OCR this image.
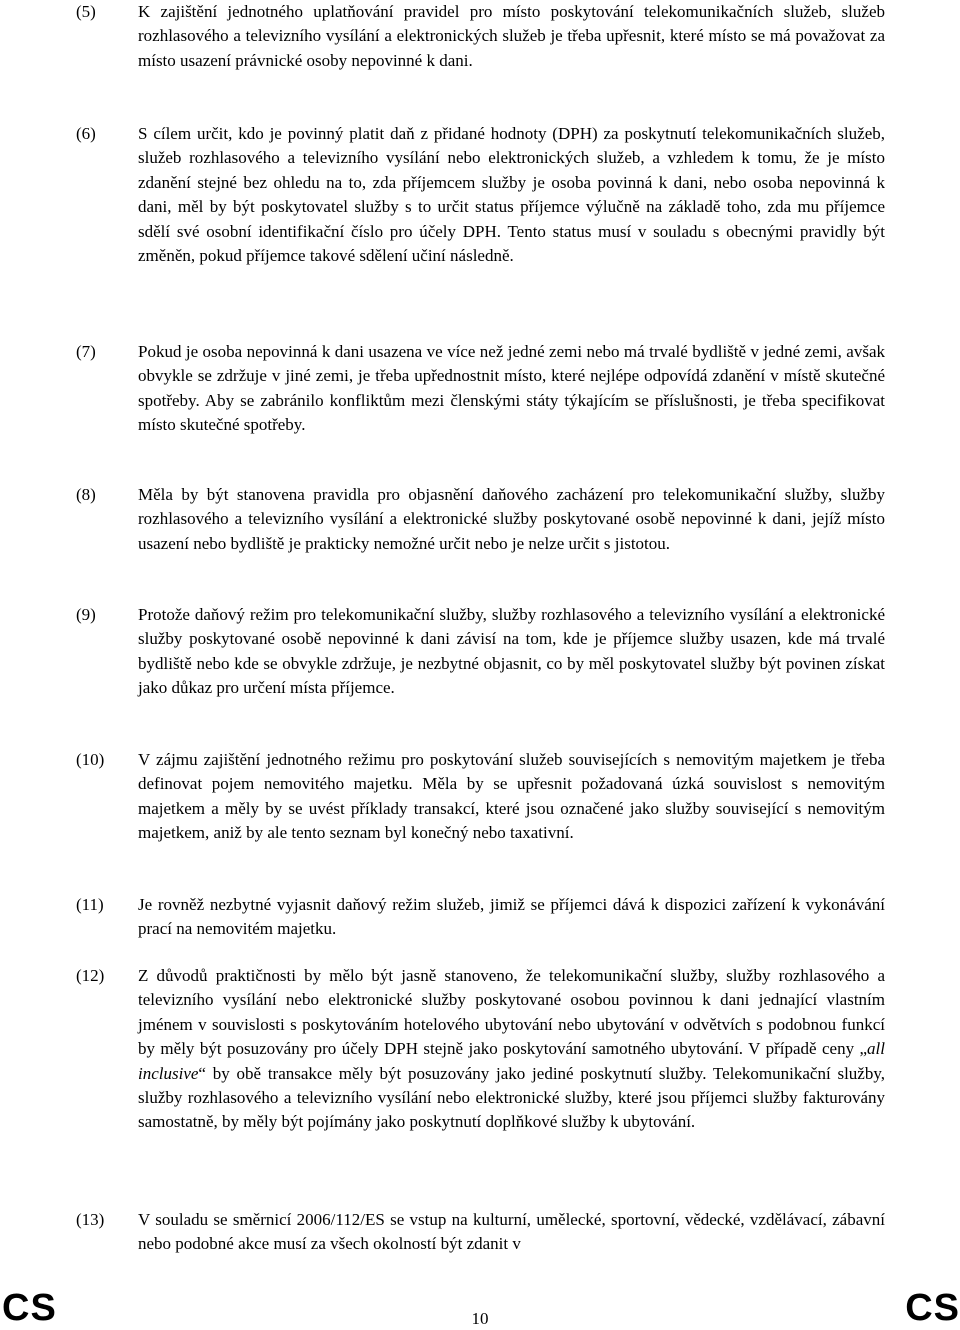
(5) K zajištění jednotného uplatňování pravidel pro místo poskytování telekomunikačních služeb, služeb rozhlasového a televizního vysílání a elektronických služeb je třeba upřesnit, které místo se má považovat za místo usazení právnické osoby nepovinné k dani.
(6) S cílem určit, kdo je povinný platit daň z přidané hodnoty (DPH) za poskytnutí telekomunikačních služeb, služeb rozhlasového a televizního vysílání nebo elektronických služeb, a vzhledem k tomu, že je místo zdanění stejné bez ohledu na to, zda příjemcem služby je osoba povinná k dani, nebo osoba nepovinná k dani, měl by být poskytovatel služby s to určit status příjemce výlučně na základě toho, zda mu příjemce sdělí své osobní identifikační číslo pro účely DPH. Tento status musí v souladu s obecnými pravidly být změněn, pokud příjemce takové sdělení učiní následně.
(7) Pokud je osoba nepovinná k dani usazena ve více než jedné zemi nebo má trvalé bydliště v jedné zemi, avšak obvykle se zdržuje v jiné zemi, je třeba upřednostnit místo, které nejlépe odpovídá zdanění v místě skutečné spotřeby. Aby se zabránilo konfliktům mezi členskými státy týkajícím se příslušnosti, je třeba specifikovat místo skutečné spotřeby.
(8) Měla by být stanovena pravidla pro objasnění daňového zacházení pro telekomunikační služby, služby rozhlasového a televizního vysílání a elektronické služby poskytované osobě nepovinné k dani, jejíž místo usazení nebo bydliště je prakticky nemožné určit nebo je nelze určit s jistotou.
(9) Protože daňový režim pro telekomunikační služby, služby rozhlasového a televizního vysílání a elektronické služby poskytované osobě nepovinné k dani závisí na tom, kde je příjemce služby usazen, kde má trvalé bydliště nebo kde se obvykle zdržuje, je nezbytné objasnit, co by měl poskytovatel služby být povinen získat jako důkaz pro určení místa příjemce.
(10) V zájmu zajištění jednotného režimu pro poskytování služeb souvisejících s nemovitým majetkem je třeba definovat pojem nemovitého majetku. Měla by se upřesnit požadovaná úzká souvislost s nemovitým majetkem a měly by se uvést příklady transakcí, které jsou označené jako služby související s nemovitým majetkem, aniž by ale tento seznam byl konečný nebo taxativní.
(11) Je rovněž nezbytné vyjasnit daňový režim služeb, jimiž se příjemci dává k dispozici zařízení k vykonávání prací na nemovitém majetku.
(12) Z důvodů praktičnosti by mělo být jasně stanoveno, že telekomunikační služby, služby rozhlasového a televizního vysílání nebo elektronické služby poskytované osobou povinnou k dani jednající vlastním jménem v souvislosti s poskytováním hotelového ubytování nebo ubytování v odvětvích s podobnou funkcí by měly být posuzovány pro účely DPH stejně jako poskytování samotného ubytování. V případě ceny „all inclusive“ by obě transakce měly být posuzovány jako jediné poskytnutí služby. Telekomunikační služby, služby rozhlasového a televizního vysílání nebo elektronické služby, které jsou příjemci služby fakturovány samostatně, by měly být pojímány jako poskytnutí doplňkové služby k ubytování.
(13) V souladu se směrnicí 2006/112/ES se vstup na kulturní, umělecké, sportovní, vědecké, vzdělávací, zábavní nebo podobné akce musí za všech okolností být zdanit v
CS	10	CS
